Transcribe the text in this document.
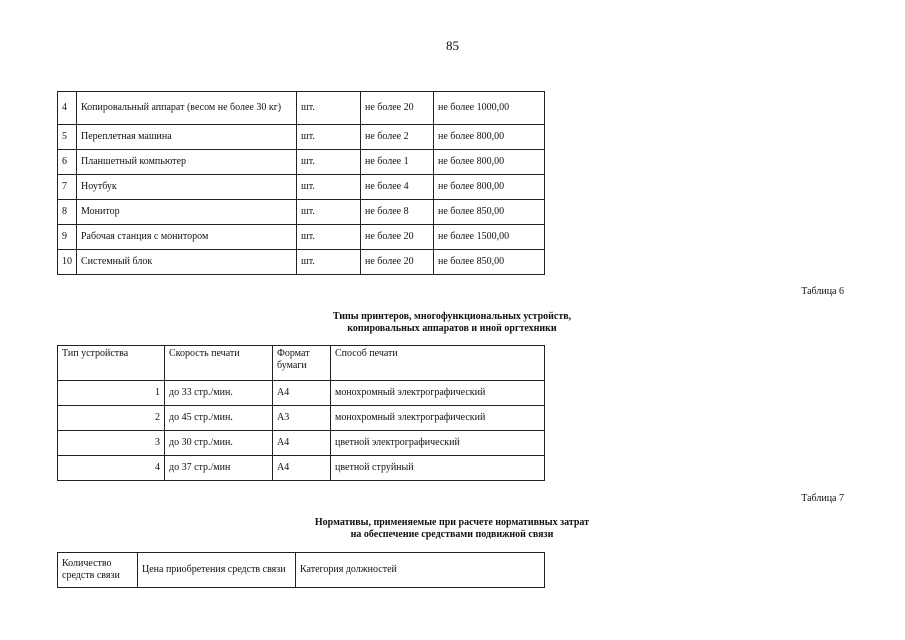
85
4	Копировальный аппарат (весом не более 30 кг)	шт.	не более 20	не более 1000,00
5	Переплетная машина	шт.	не более 2	не более 800,00
6	Планшетный компьютер	шт.	не более 1	не более 800,00
7	Ноутбук	шт.	не более 4	не более 800,00
8	Монитор	шт.	не более 8	не более 850,00
9	Рабочая станция с монитором	шт.	не более 20	не более 1500,00
10	Системный блок	шт.	не более 20	не более 850,00
Таблица 6
Типы принтеров, многофункциональных устройств,
копировальных аппаратов и иной оргтехники
Тип устройства	Скорость печати	Формат бумаги	Способ печати
1	до 33 стр./мин.	А4	монохромный электрографический
2	до 45 стр./мин.	А3	монохромный электрографический
3	до 30 стр./мин.	А4	цветной электрографический
4	до 37 стр./мин	А4	цветной струйный
Таблица 7
Нормативы, применяемые при расчете нормативных затрат
на обеспечение средствами подвижной связи
Количество средств связи	Цена приобретения средств связи	Категория должностей
